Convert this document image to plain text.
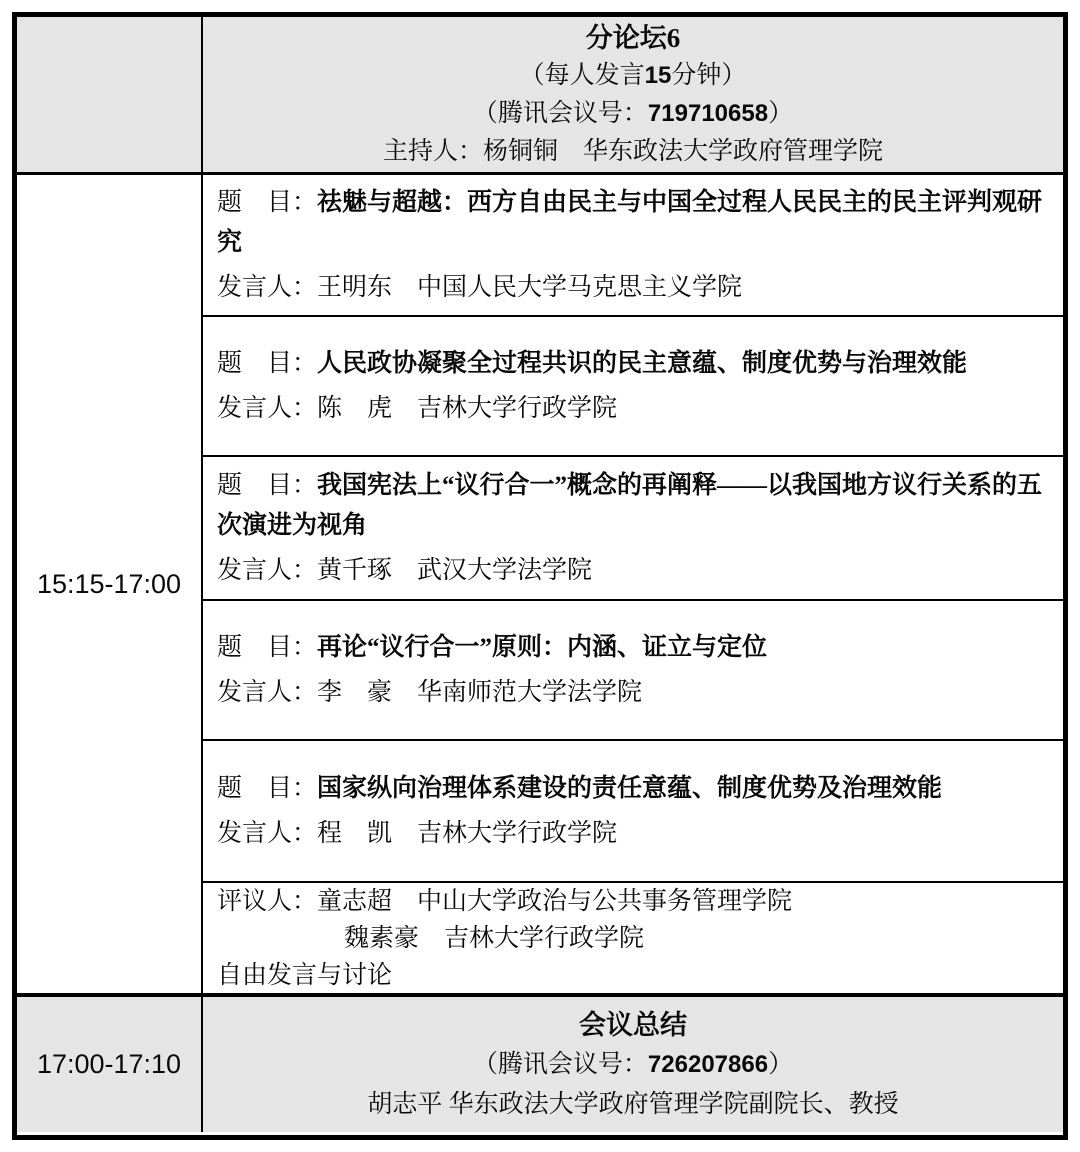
分论坛6
（每人发言15分钟）
（腾讯会议号：719710658）
主持人：杨铜铜　华东政法大学政府管理学院
15:15-17:00

题　目：祛魅与超越：西方自由民主与中国全过程人民民主的民主评判观研究

发言人：王明东　中国人民大学马克思主义学院

题　目：人民政协凝聚全过程共识的民主意蕴、制度优势与治理效能

发言人：陈　虎　吉林大学行政学院

题　目：我国宪法上“议行合一”概念的再阐释——以我国地方议行关系的五次演进为视角

发言人：黄千琢　武汉大学法学院

题　目：再论“议行合一”原则：内涵、证立与定位

发言人：李　豪　华南师范大学法学院

题　目：国家纵向治理体系建设的责任意蕴、制度优势及治理效能

发言人：程　凯　吉林大学行政学院

评议人：童志超　中山大学政治与公共事务管理学院

魏素豪　吉林大学行政学院

自由发言与讨论

17:00-17:10
会议总结
（腾讯会议号：726207866）
胡志平 华东政法大学政府管理学院副院长、教授
